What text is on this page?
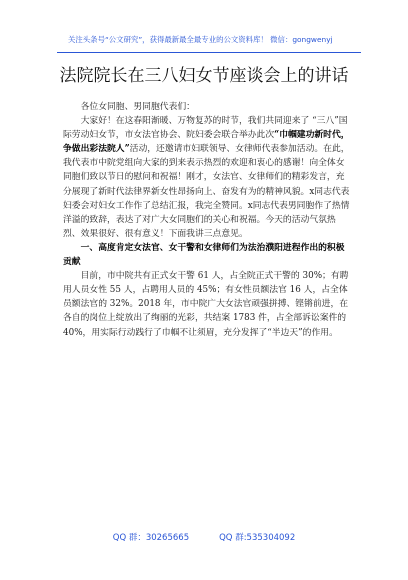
关注头条号“公文研究”，获得最新最全最专业的公文资料库！ 微信：gongwenyj
法院院长在三八妇女节座谈会上的讲话

各位女同胞、男同胞代表们：

大家好！在这春阳渐暖、万物复苏的时节，我们共同迎来了 “三八”国际劳动妇女节，市女法官协会、院妇委会联合举办此次“巾帼建功新时代，争做出彩法院人”活动，还邀请市妇联领导、女律师代表参加活动。在此，我代表市中院党组向大家的到来表示热烈的欢迎和衷心的感谢！向全体女同胞们致以节日的慰问和祝福！刚才，女法官、女律师们的精彩发言，充分展现了新时代法律界新女性昂扬向上、奋发有为的精神风貌。x同志代表妇委会对妇女工作作了总结汇报，我完全赞同。x同志代表男同胞作了热情洋溢的致辞，表达了对广大女同胞们的关心和祝福。今天的活动气氛热烈、效果很好、很有意义！下面我讲三点意见。

一、高度肯定女法官、女干警和女律师们为法治濮阳进程作出的积极贡献

目前，市中院共有正式女干警 61 人，占全院正式干警的 30%；有聘用人员女性 55 人，占聘用人员的 45%；有女性员额法官 16 人，占全体员额法官的 32%。2018 年，市中院广大女法官顽强拼搏、铿锵前进，在各自的岗位上绽放出了绚丽的光彩，共结案 1783 件，占全部诉讼案件的 40%，用实际行动践行了巾帼不让须眉，充分发挥了“半边天”的作用。

QQ 群：30265665	QQ 群:535304092
